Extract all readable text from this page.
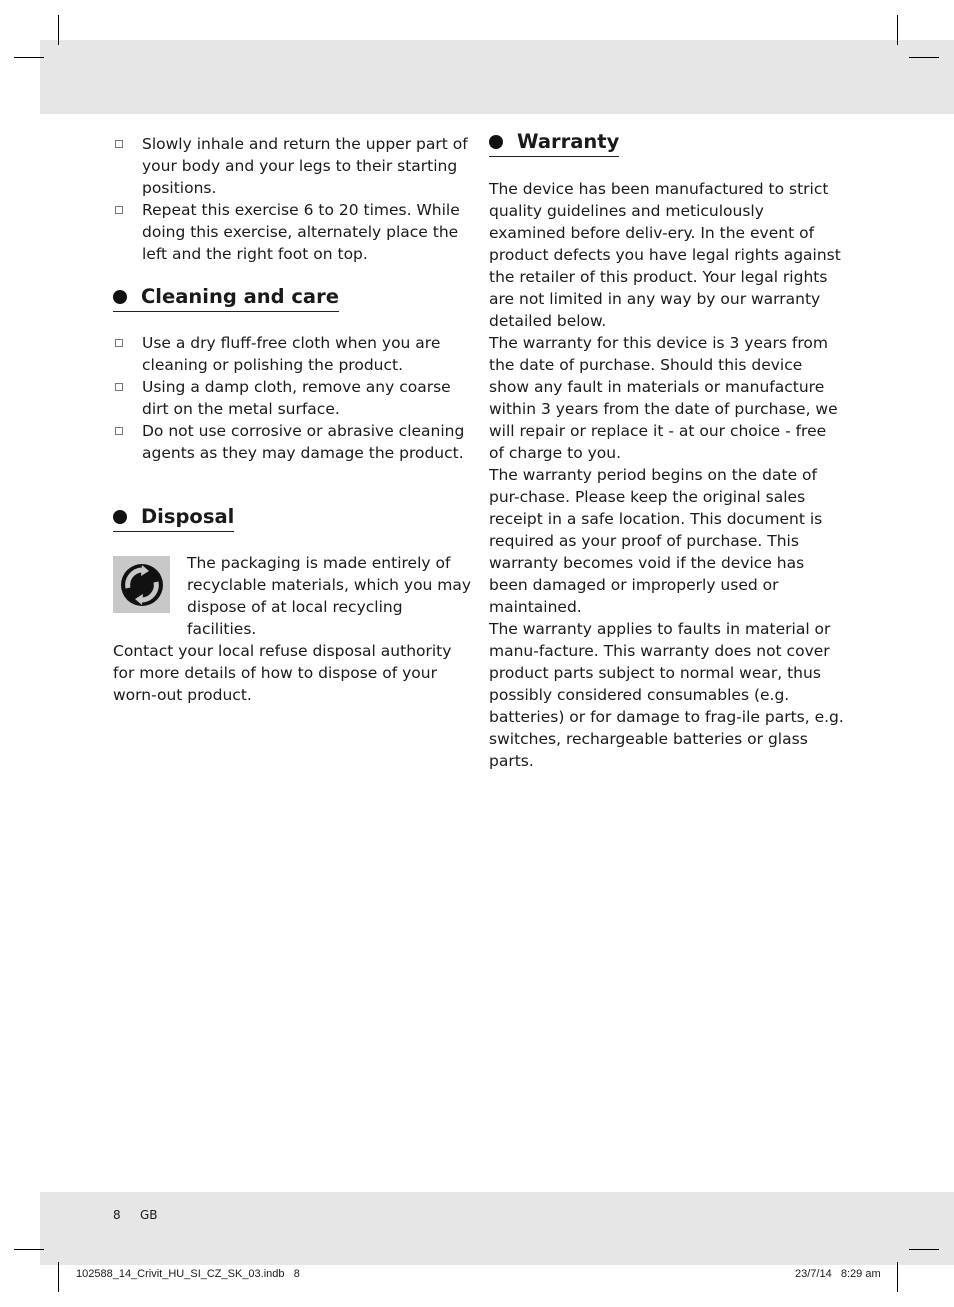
Slowly inhale and return the upper part of your body and your legs to their starting positions.
Repeat this exercise 6 to 20 times. While doing this exercise, alternately place the left and the right foot on top.
Cleaning and care
Use a dry fluff-free cloth when you are cleaning or polishing the product.
Using a damp cloth, remove any coarse dirt on the metal surface.
Do not use corrosive or abrasive cleaning agents as they may damage the product.
Disposal

The packaging is made entirely of recyclable materials, which you may dispose of at local recycling facilities.

Contact your local refuse disposal authority for more details of how to dispose of your worn-out product.

Warranty

The device has been manufactured to strict quality guidelines and meticulously examined before deliv-ery. In the event of product defects you have legal rights against the retailer of this product. Your legal rights are not limited in any way by our warranty detailed below.

The warranty for this device is 3 years from the date of purchase. Should this device show any fault in materials or manufacture within 3 years from the date of purchase, we will repair or replace it - at our choice - free of charge to you.

The warranty period begins on the date of pur-chase. Please keep the original sales receipt in a safe location. This document is required as your proof of purchase. This warranty becomes void if the device has been damaged or improperly used or maintained.

The warranty applies to faults in material or manu-facture. This warranty does not cover product parts subject to normal wear, thus possibly considered consumables (e.g. batteries) or for damage to frag-ile parts, e.g. switches, rechargeable batteries or glass parts.

8 GB
102588_14_Crivit_HU_SI_CZ_SK_03.indb   8	23/7/14   8:29 am
